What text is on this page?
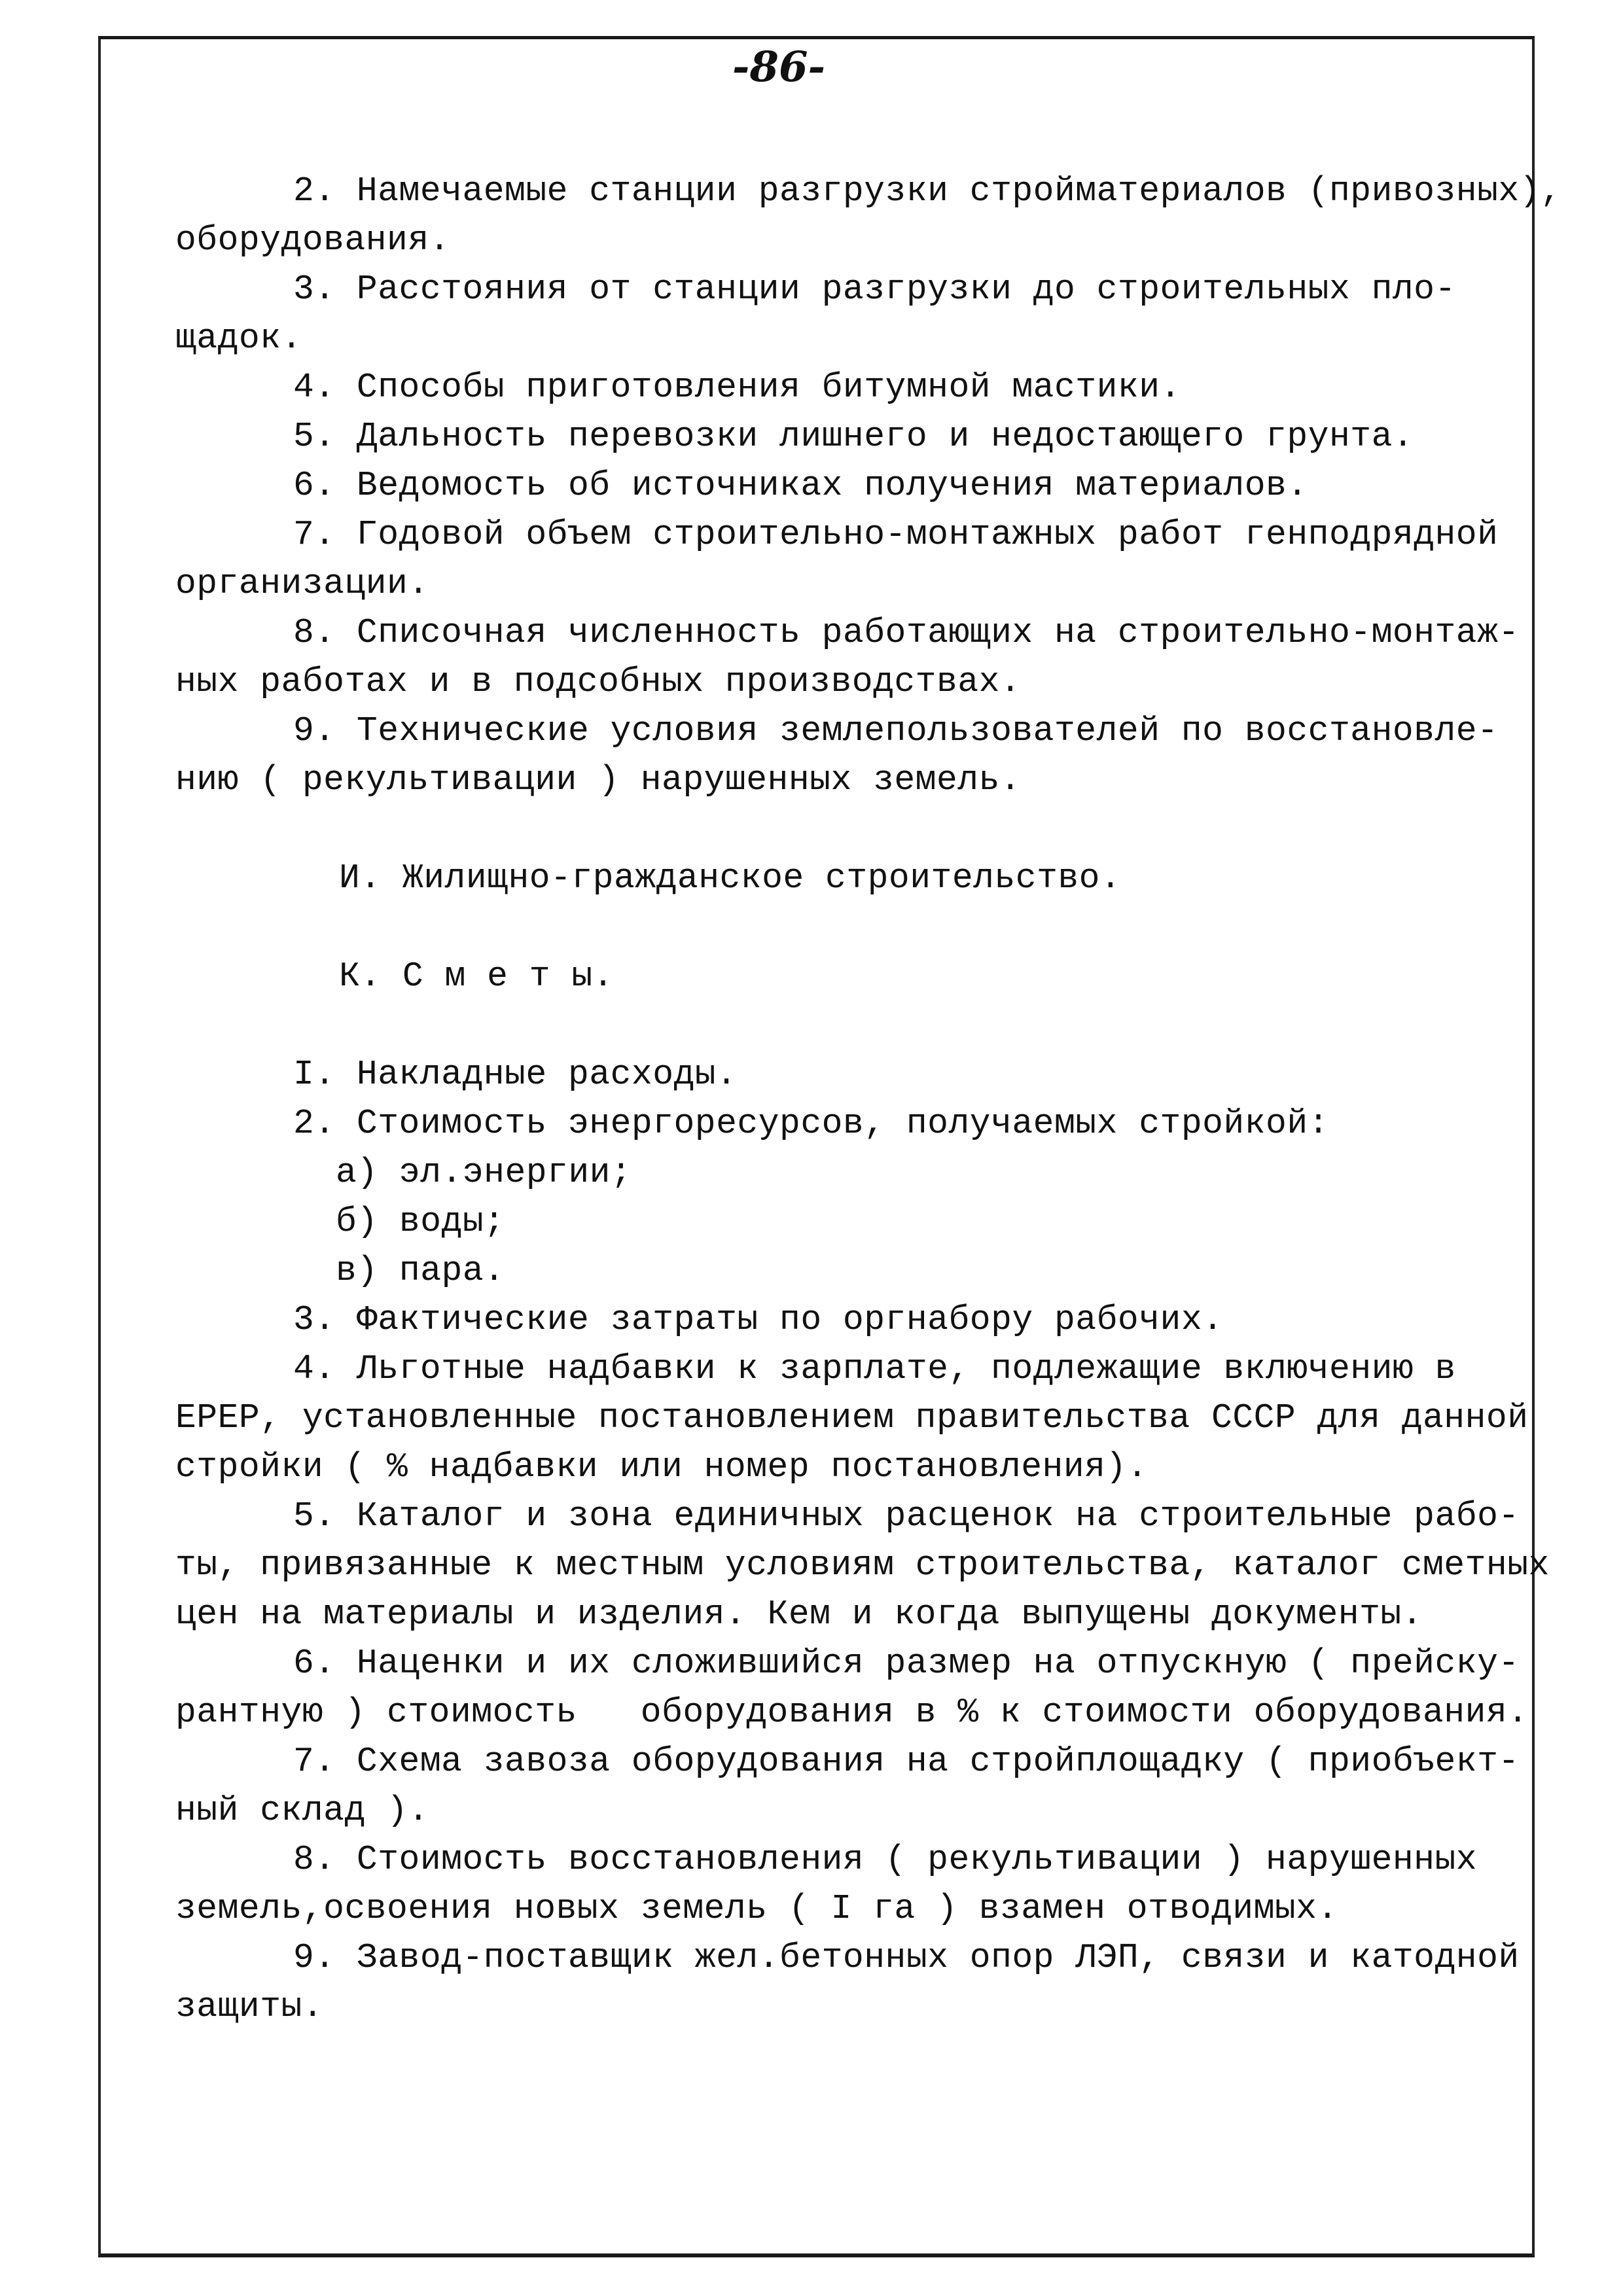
-86-
2. Намечаемые станции разгрузки стройматериалов (привозных),
оборудования.
3. Расстояния от станции разгрузки до строительных пло-
щадок.
4. Способы приготовления битумной мастики.
5. Дальность перевозки лишнего и недостающего грунта.
6. Ведомость об источниках получения материалов.
7. Годовой объем строительно-монтажных работ генподрядной
организации.
8. Списочная численность работающих на строительно-монтаж-
ных работах и в подсобных производствах.
9. Технические условия землепользователей по восстановле-
нию ( рекультивации ) нарушенных земель.
И. Жилищно-гражданское строительство.
К. С м е т ы.
I. Накладные расходы.
2. Стоимость энергоресурсов, получаемых стройкой:
а) эл.энергии;
б) воды;
в) пара.
3. Фактические затраты по оргнабору рабочих.
4. Льготные надбавки к зарплате, подлежащие включению в
ЕРЕР, установленные постановлением правительства СССР для данной
стройки ( % надбавки или номер постановления).
5. Каталог и зона единичных расценок на строительные рабо-
ты, привязанные к местным условиям строительства, каталог сметных
цен на материалы и изделия. Кем и когда выпущены документы.
6. Наценки и их сложившийся размер на отпускную ( прейску-
рантную ) стоимость   оборудования в % к стоимости оборудования.
7. Схема завоза оборудования на стройплощадку ( приобъект-
ный склад ).
8. Стоимость восстановления ( рекультивации ) нарушенных
земель,освоения новых земель ( I га ) взамен отводимых.
9. Завод-поставщик жел.бетонных опор ЛЭП, связи и катодной
защиты.
